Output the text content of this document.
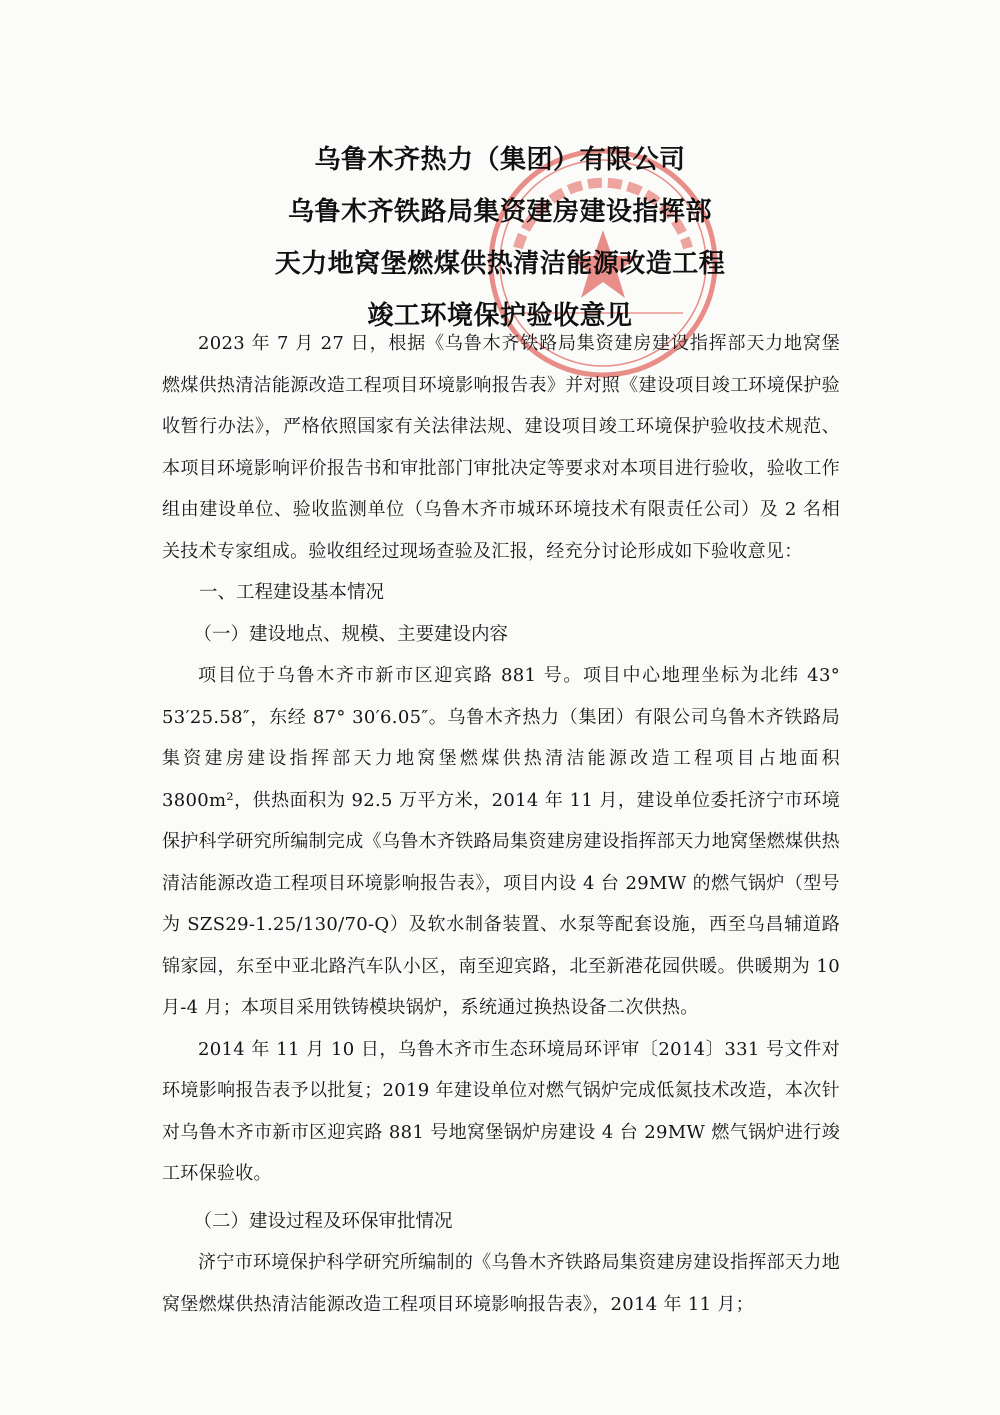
乌鲁木齐热力（集团）有限公司
乌鲁木齐铁路局集资建房建设指挥部
天力地窝堡燃煤供热清洁能源改造工程
竣工环境保护验收意见

2023 年 7 月 27 日，根据《乌鲁木齐铁路局集资建房建设指挥部天力地窝堡燃煤供热清洁能源改造工程项目环境影响报告表》并对照《建设项目竣工环境保护验收暂行办法》，严格依照国家有关法律法规、建设项目竣工环境保护验收技术规范、本项目环境影响评价报告书和审批部门审批决定等要求对本项目进行验收，验收工作组由建设单位、验收监测单位（乌鲁木齐市城环环境技术有限责任公司）及 2 名相关技术专家组成。验收组经过现场查验及汇报，经充分讨论形成如下验收意见：

一、工程建设基本情况

（一）建设地点、规模、主要建设内容

项目位于乌鲁木齐市新市区迎宾路 881 号。项目中心地理坐标为北纬 43° 53′25.58″，东经 87° 30′6.05″。乌鲁木齐热力（集团）有限公司乌鲁木齐铁路局集资建房建设指挥部天力地窝堡燃煤供热清洁能源改造工程项目占地面积 3800m²，供热面积为 92.5 万平方米，2014 年 11 月，建设单位委托济宁市环境保护科学研究所编制完成《乌鲁木齐铁路局集资建房建设指挥部天力地窝堡燃煤供热清洁能源改造工程项目环境影响报告表》，项目内设 4 台 29MW 的燃气锅炉（型号为 SZS29-1.25/130/70-Q）及软水制备装置、水泵等配套设施，西至乌昌辅道路锦家园，东至中亚北路汽车队小区，南至迎宾路，北至新港花园供暖。供暖期为 10 月-4 月；本项目采用铁铸模块锅炉，系统通过换热设备二次供热。

2014 年 11 月 10 日，乌鲁木齐市生态环境局环评审〔2014〕331 号文件对环境影响报告表予以批复；2019 年建设单位对燃气锅炉完成低氮技术改造，本次针对乌鲁木齐市新市区迎宾路 881 号地窝堡锅炉房建设 4 台 29MW 燃气锅炉进行竣工环保验收。

（二）建设过程及环保审批情况

济宁市环境保护科学研究所编制的《乌鲁木齐铁路局集资建房建设指挥部天力地窝堡燃煤供热清洁能源改造工程项目环境影响报告表》，2014 年 11 月；
